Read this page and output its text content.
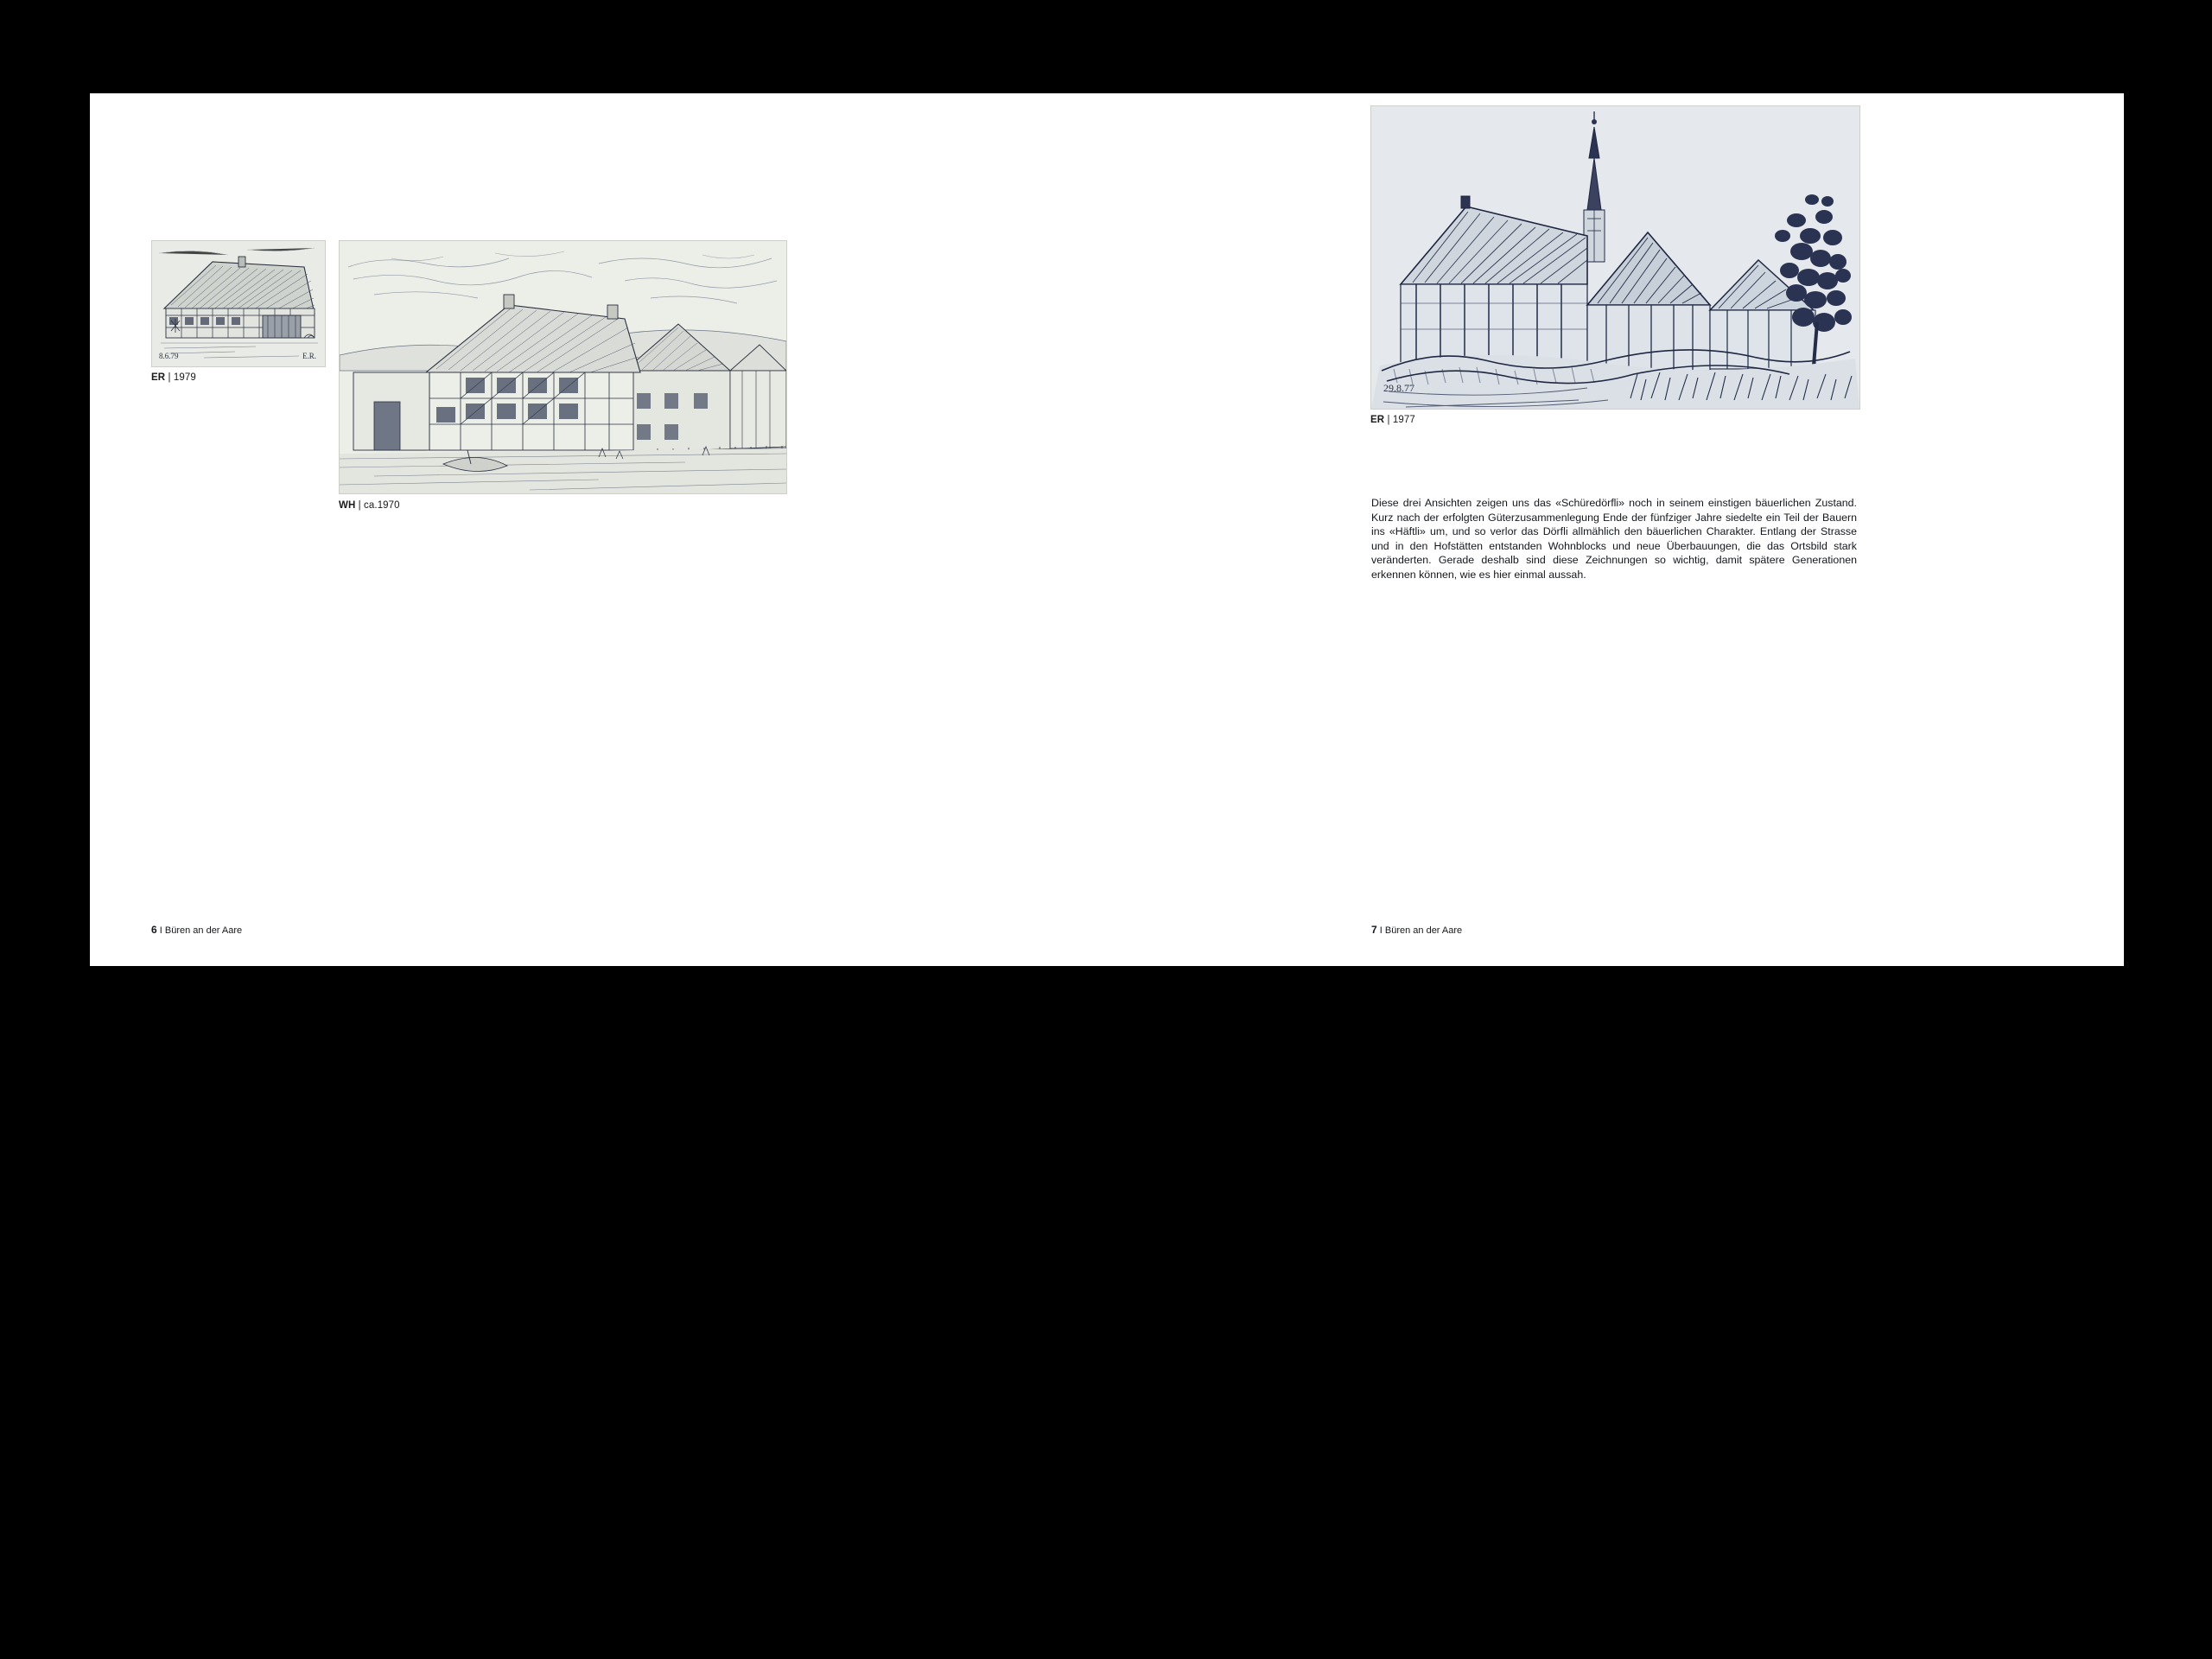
8.6.79	E.R.
ER | 1979
WH | ca.1970
6 I Büren an der Aare
29.8.77
ER | 1977

Diese drei Ansichten zeigen uns das «Schüredörfli» noch in seinem einstigen bäuerlichen Zustand. Kurz nach der erfolgten Güterzusammenlegung Ende der fünfziger Jahre siedelte ein Teil der Bauern ins «Häftli» um, und so verlor das Dörfli allmählich den bäuerlichen Charakter. Entlang der Strasse und in den Hofstätten entstanden Wohnblocks und neue Überbauungen, die das Ortsbild stark veränderten. Gerade deshalb sind diese Zeichnungen so wichtig, damit spätere Generationen erkennen können, wie es hier einmal aussah.

7 I Büren an der Aare
